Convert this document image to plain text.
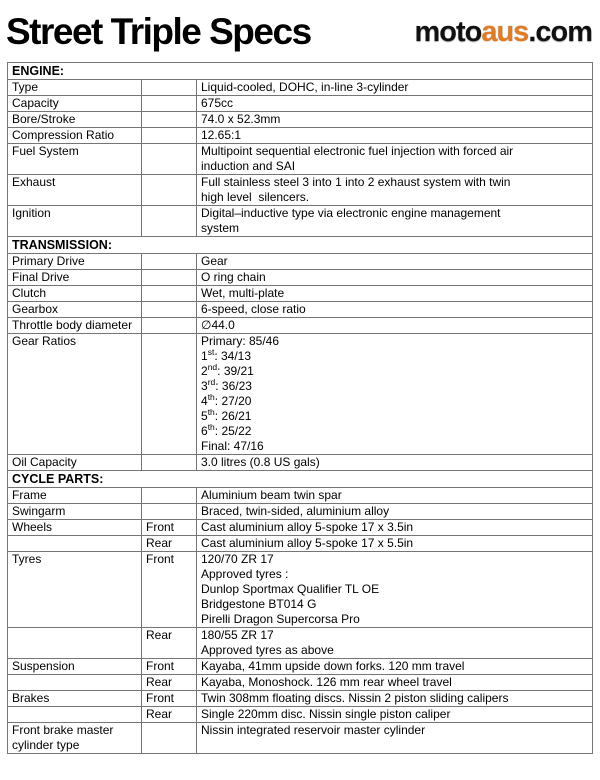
Street Triple Specs	motoaus.com
ENGINE:		
Type		Liquid-cooled, DOHC, in-line 3-cylinder
Capacity		675cc
Bore/Stroke		74.0 x 52.3mm
Compression Ratio		12.65:1
Fuel System		Multipoint sequential electronic fuel injection with forced air
induction and SAI

Exhaust		Full stainless steel 3 into 1 into 2 exhaust system with twin
high level  silencers.

Ignition		Digital–inductive type via electronic engine management
system

TRANSMISSION:		
Primary Drive		Gear
Final Drive		O ring chain
Clutch		Wet, multi-plate
Gearbox		6-speed, close ratio
Throttle body diameter		∅44.0
Gear Ratios		Primary: 85/46
1st: 34/13
2nd: 39/21
3rd: 36/23
4th: 27/20
5th: 26/21
6th: 25/22
Final: 47/16

Oil Capacity		3.0 litres (0.8 US gals)
CYCLE PARTS:		
Frame		Aluminium beam twin spar
Swingarm		Braced, twin-sided, aluminium alloy
Wheels	Front	Cast aluminium alloy 5-spoke 17 x 3.5in
	Rear	Cast aluminium alloy 5-spoke 17 x 5.5in
Tyres	Front	120/70 ZR 17
Approved tyres :
Dunlop Sportmax Qualifier TL OE
Bridgestone BT014 G
Pirelli Dragon Supercorsa Pro

	Rear	180/55 ZR 17
Approved tyres as above

Suspension	Front	Kayaba, 41mm upside down forks. 120 mm travel
	Rear	Kayaba, Monoshock. 126 mm rear wheel travel
Brakes	Front	Twin 308mm floating discs. Nissin 2 piston sliding calipers
	Rear	Single 220mm disc. Nissin single piston caliper
Front brake master cylinder type		Nissin integrated reservoir master cylinder
